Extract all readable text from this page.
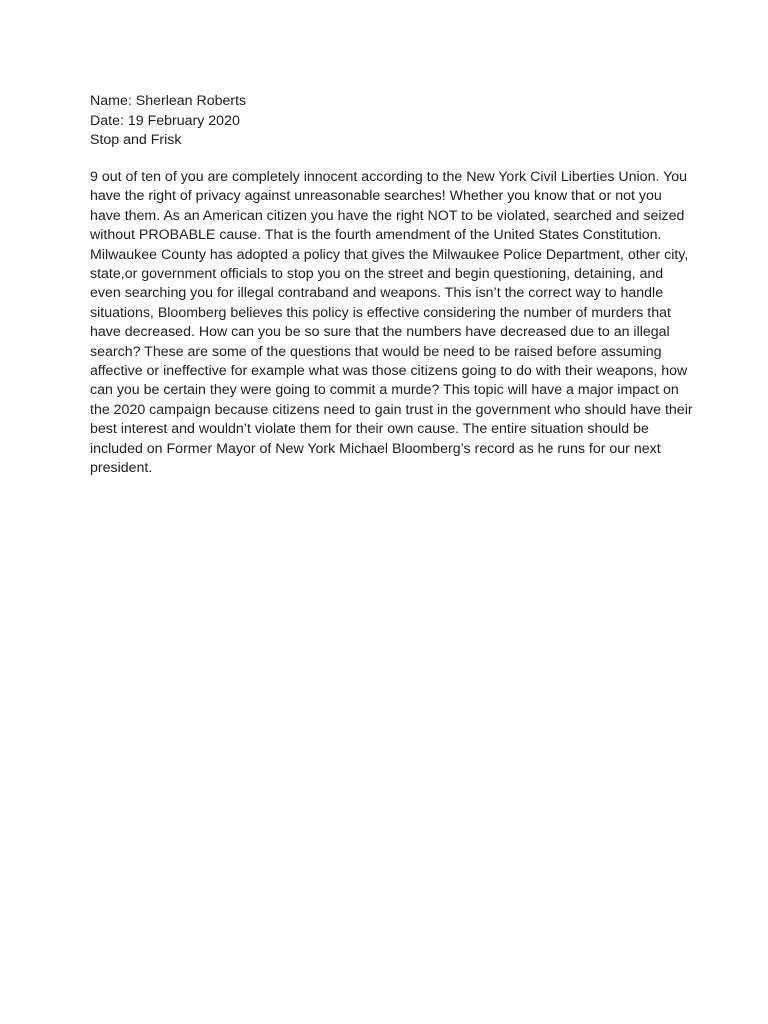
Name: Sherlean Roberts
Date: 19 February 2020
Stop and Frisk
9 out of ten of you are completely innocent according to the New York Civil Liberties Union. You
have the right of privacy against unreasonable searches! Whether you know that or not you
have them. As an American citizen you have the right NOT to be violated, searched and seized
without PROBABLE cause. That is the fourth amendment of the United States Constitution.
Milwaukee County has adopted a policy that gives the Milwaukee Police Department, other city,
state,or government officials to stop you on the street and begin questioning, detaining, and
even searching you for illegal contraband and weapons. This isn’t the correct way to handle
situations, Bloomberg believes this policy is effective considering the number of murders that
have decreased. How can you be so sure that the numbers have decreased due to an illegal
search? These are some of the questions that would be need to be raised before assuming
affective or ineffective for example what was those citizens going to do with their weapons, how
can you be certain they were going to commit a murde? This topic will have a major impact on
the 2020 campaign because citizens need to gain trust in the government who should have their
best interest and wouldn’t violate them for their own cause. The entire situation should be
included on Former Mayor of New York Michael Bloomberg’s record as he runs for our next
president.
